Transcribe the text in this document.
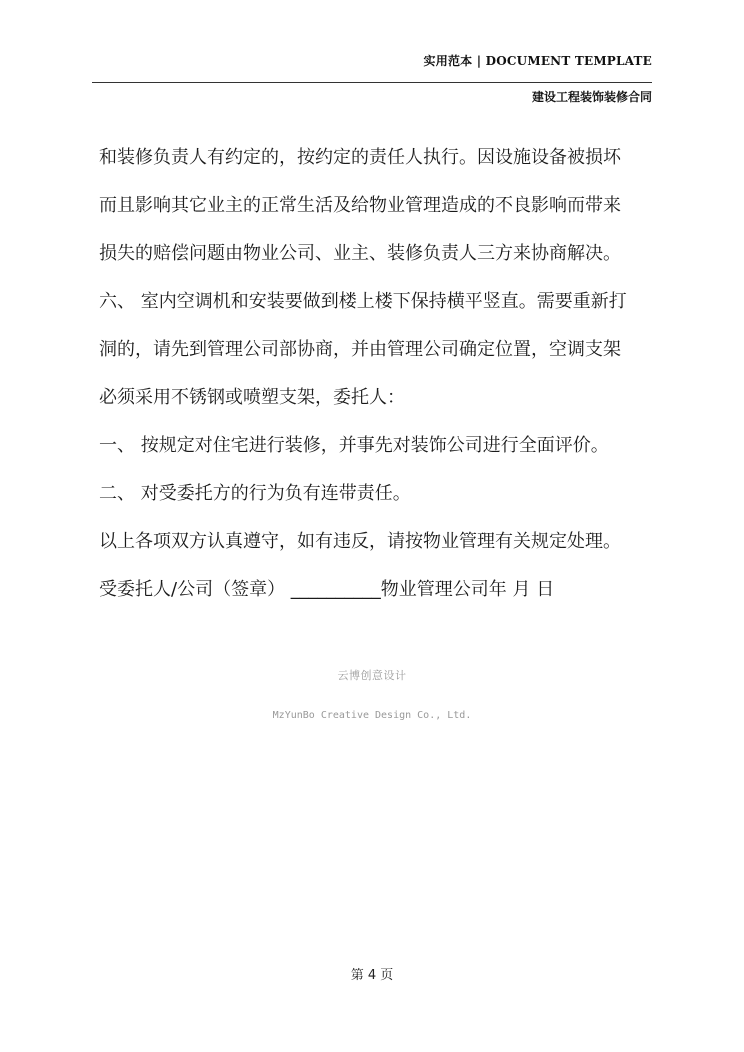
实用范本 | DOCUMENT TEMPLATE
建设工程装饰装修合同
和装修负责人有约定的，按约定的责任人执行。因设施设备被损坏
而且影响其它业主的正常生活及给物业管理造成的不良影响而带来
损失的赔偿问题由物业公司、业主、装修负责人三方来协商解决。
六、 室内空调机和安装要做到楼上楼下保持横平竖直。需要重新打
洞的，请先到管理公司部协商，并由管理公司确定位置，空调支架
必须采用不锈钢或喷塑支架，委托人：
一、 按规定对住宅进行装修，并事先对装饰公司进行全面评价。
二、 对受委托方的行为负有连带责任。
以上各项双方认真遵守，如有违反，请按物业管理有关规定处理。
受委托人/公司（签章） __________物业管理公司年 月 日
云博创意设计
MzYunBo Creative Design Co., Ltd.
第 4 页
